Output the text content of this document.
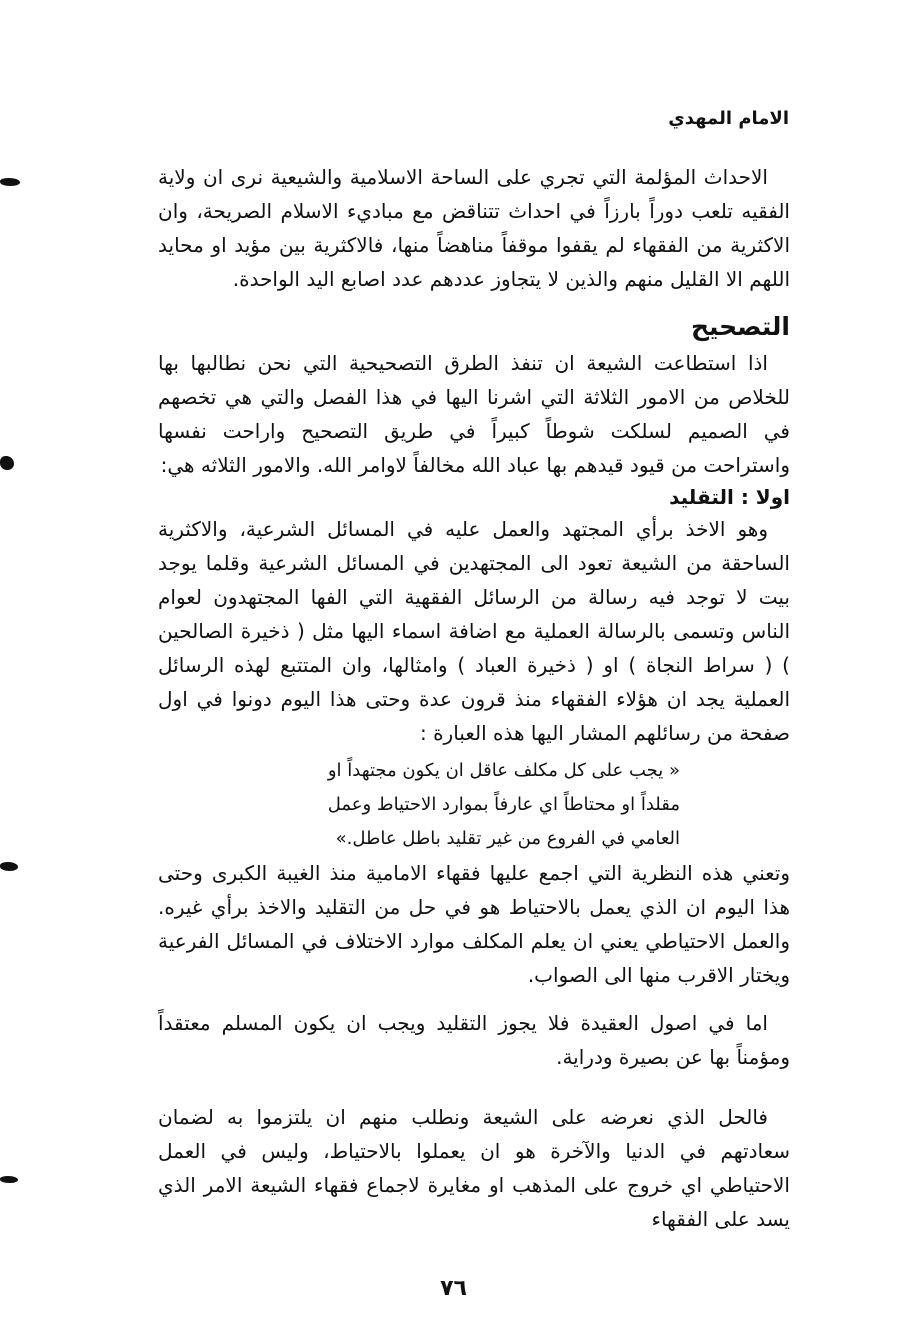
الامام المهدي

الاحداث المؤلمة التي تجري على الساحة الاسلامية والشيعية نرى ان ولاية الفقيه تلعب دوراً بارزاً في احداث تتناقض مع مباديء الاسلام الصريحة، وان الاكثرية من الفقهاء لم يقفوا موقفاً مناهضاً منها، فالاكثرية بين مؤيد او محايد اللهم الا القليل منهم والذين لا يتجاوز عددهم عدد اصابع اليد الواحدة.

التصحيح

اذا استطاعت الشيعة ان تنفذ الطرق التصحيحية التي نحن نطالبها بها للخلاص من الامور الثلاثة التي اشرنا اليها في هذا الفصل والتي هي تخصهم في الصميم لسلكت شوطاً كبيراً في طريق التصحيح واراحت نفسها واستراحت من قيود قيدهم بها عباد الله مخالفاً لاوامر الله. والامور الثلاثه هي:

اولا : التقليد

وهو الاخذ برأي المجتهد والعمل عليه في المسائل الشرعية، والاكثرية الساحقة من الشيعة تعود الى المجتهدين في المسائل الشرعية وقلما يوجد بيت لا توجد فيه رسالة من الرسائل الفقهية التي الفها المجتهدون لعوام الناس وتسمى بالرسالة العملية مع اضافة اسماء اليها مثل ( ذخيرة الصالحين ) ( سراط النجاة ) او ( ذخيرة العباد ) وامثالها، وان المتتبع لهذه الرسائل العملية يجد ان هؤلاء الفقهاء منذ قرون عدة وحتى هذا اليوم دونوا في اول صفحة من رسائلهم المشار اليها هذه العبارة :

« يجب على كل مكلف عاقل ان يكون مجتهداً او
مقلداً او محتاطاً اي عارفاً بموارد الاحتياط وعمل
العامي في الفروع من غير تقليد باطل عاطل.»

وتعني هذه النظرية التي اجمع عليها فقهاء الامامية منذ الغيبة الكبرى وحتى هذا اليوم ان الذي يعمل بالاحتياط هو في حل من التقليد والاخذ برأي غيره. والعمل الاحتياطي يعني ان يعلم المكلف موارد الاختلاف في المسائل الفرعية ويختار الاقرب منها الى الصواب.

اما في اصول العقيدة فلا يجوز التقليد ويجب ان يكون المسلم معتقداً ومؤمناً بها عن بصيرة ودراية.

فالحل الذي نعرضه على الشيعة ونطلب منهم ان يلتزموا به لضمان سعادتهم في الدنيا والآخرة هو ان يعملوا بالاحتياط، وليس في العمل الاحتياطي اي خروج على المذهب او مغايرة لاجماع فقهاء الشيعة الامر الذي يسد على الفقهاء

٧٦
